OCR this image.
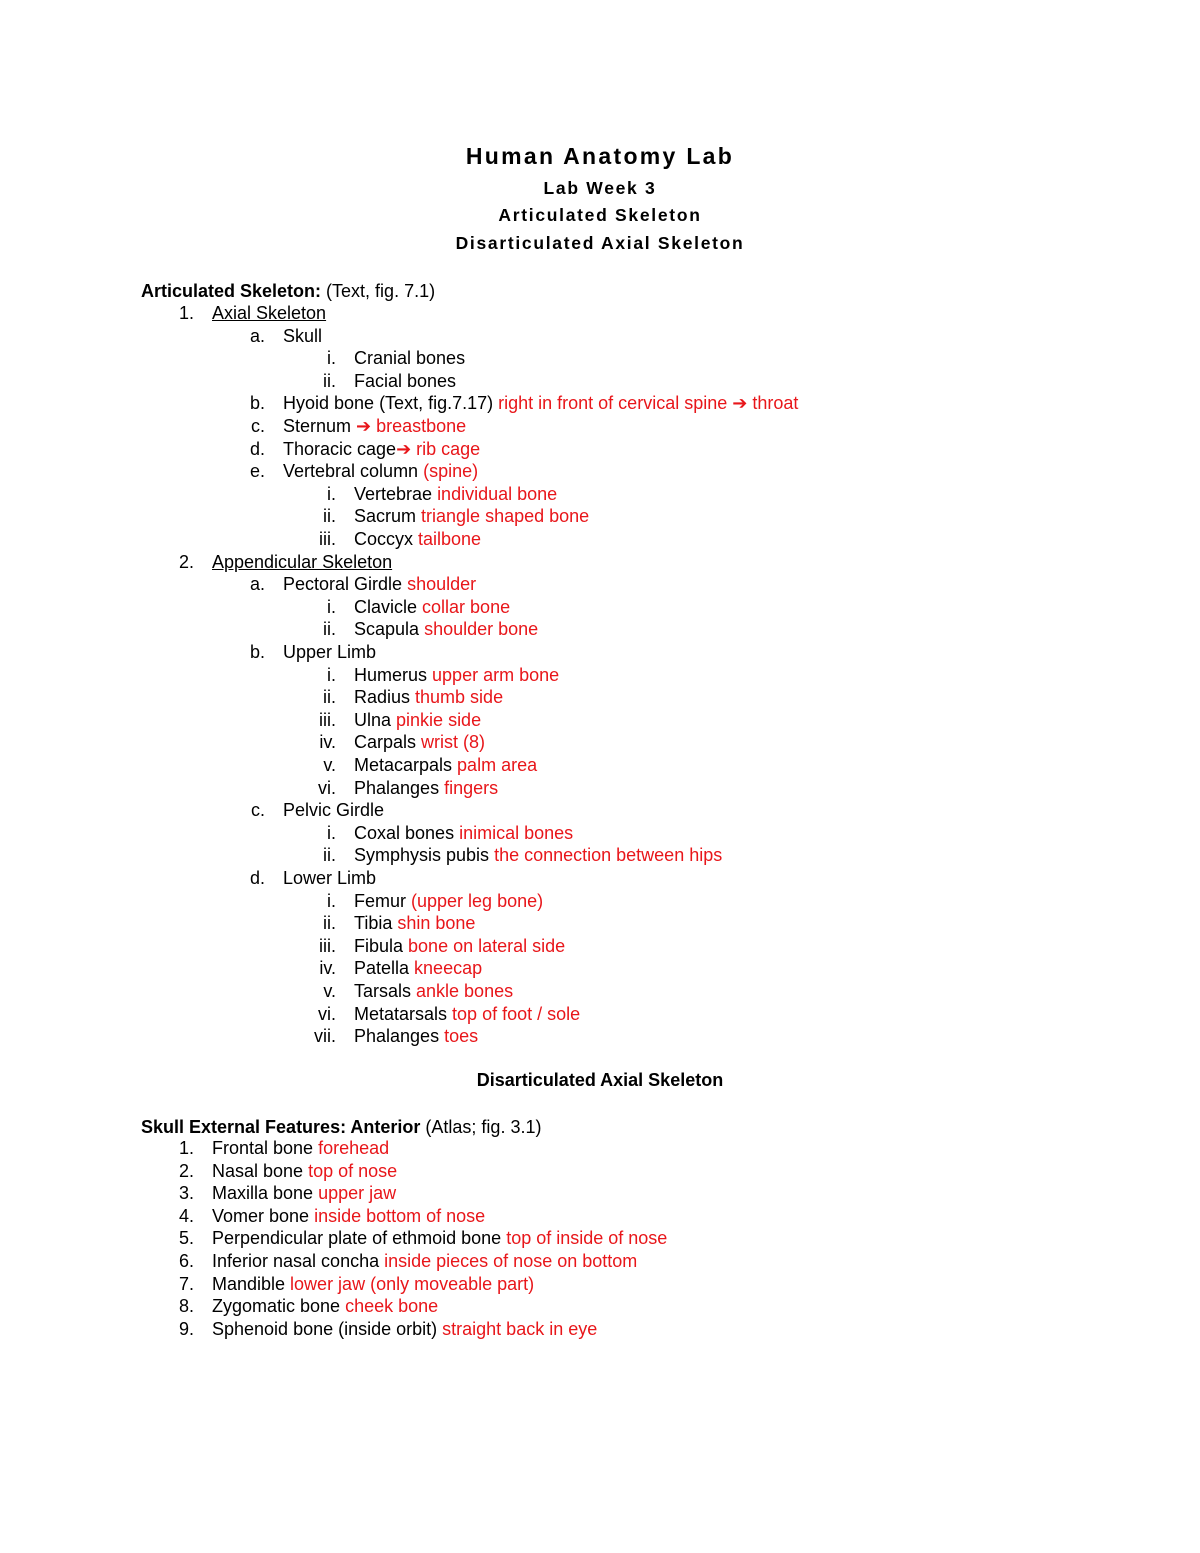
Human Anatomy Lab
Lab Week 3
Articulated Skeleton
Disarticulated Axial Skeleton
Articulated Skeleton: (Text, fig. 7.1)
1. Axial Skeleton
a. Skull
i. Cranial bones
ii. Facial bones
b. Hyoid bone (Text, fig.7.17) right in front of cervical spine ➔ throat
c. Sternum ➔ breastbone
d. Thoracic cage➔ rib cage
e. Vertebral column (spine)
i. Vertebrae individual bone
ii. Sacrum triangle shaped bone
iii. Coccyx tailbone
2. Appendicular Skeleton
a. Pectoral Girdle shoulder
i. Clavicle collar bone
ii. Scapula shoulder bone
b. Upper Limb
i. Humerus upper arm bone
ii. Radius thumb side
iii. Ulna pinkie side
iv. Carpals wrist (8)
v. Metacarpals palm area
vi. Phalanges fingers
c. Pelvic Girdle
i. Coxal bones inimical bones
ii. Symphysis pubis the connection between hips
d. Lower Limb
i. Femur (upper leg bone)
ii. Tibia shin bone
iii. Fibula bone on lateral side
iv. Patella kneecap
v. Tarsals ankle bones
vi. Metatarsals top of foot / sole
vii. Phalanges toes
Disarticulated Axial Skeleton
Skull External Features: Anterior (Atlas; fig. 3.1)
1. Frontal bone forehead
2. Nasal bone top of nose
3. Maxilla bone upper jaw
4. Vomer bone inside bottom of nose
5. Perpendicular plate of ethmoid bone top of inside of nose
6. Inferior nasal concha inside pieces of nose on bottom
7. Mandible lower jaw (only moveable part)
8. Zygomatic bone cheek bone
9. Sphenoid bone (inside orbit) straight back in eye
